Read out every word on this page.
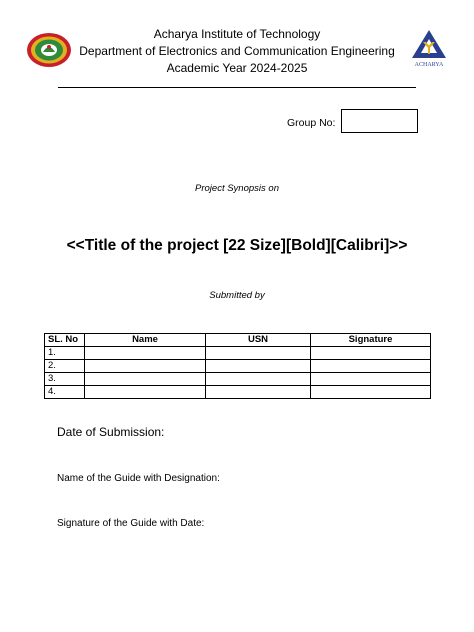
ACHARYA
Acharya Institute of Technology
Department of Electronics and Communication Engineering
Academic Year 2024-2025
Group No:
Project Synopsis on
<<Title of the project [22 Size][Bold][Calibri]>>
Submitted by
SL. No	Name	USN	Signature
1.			
2.			
3.			
4.			
Date of Submission:
Name of the Guide with Designation:
Signature of the Guide with Date:
